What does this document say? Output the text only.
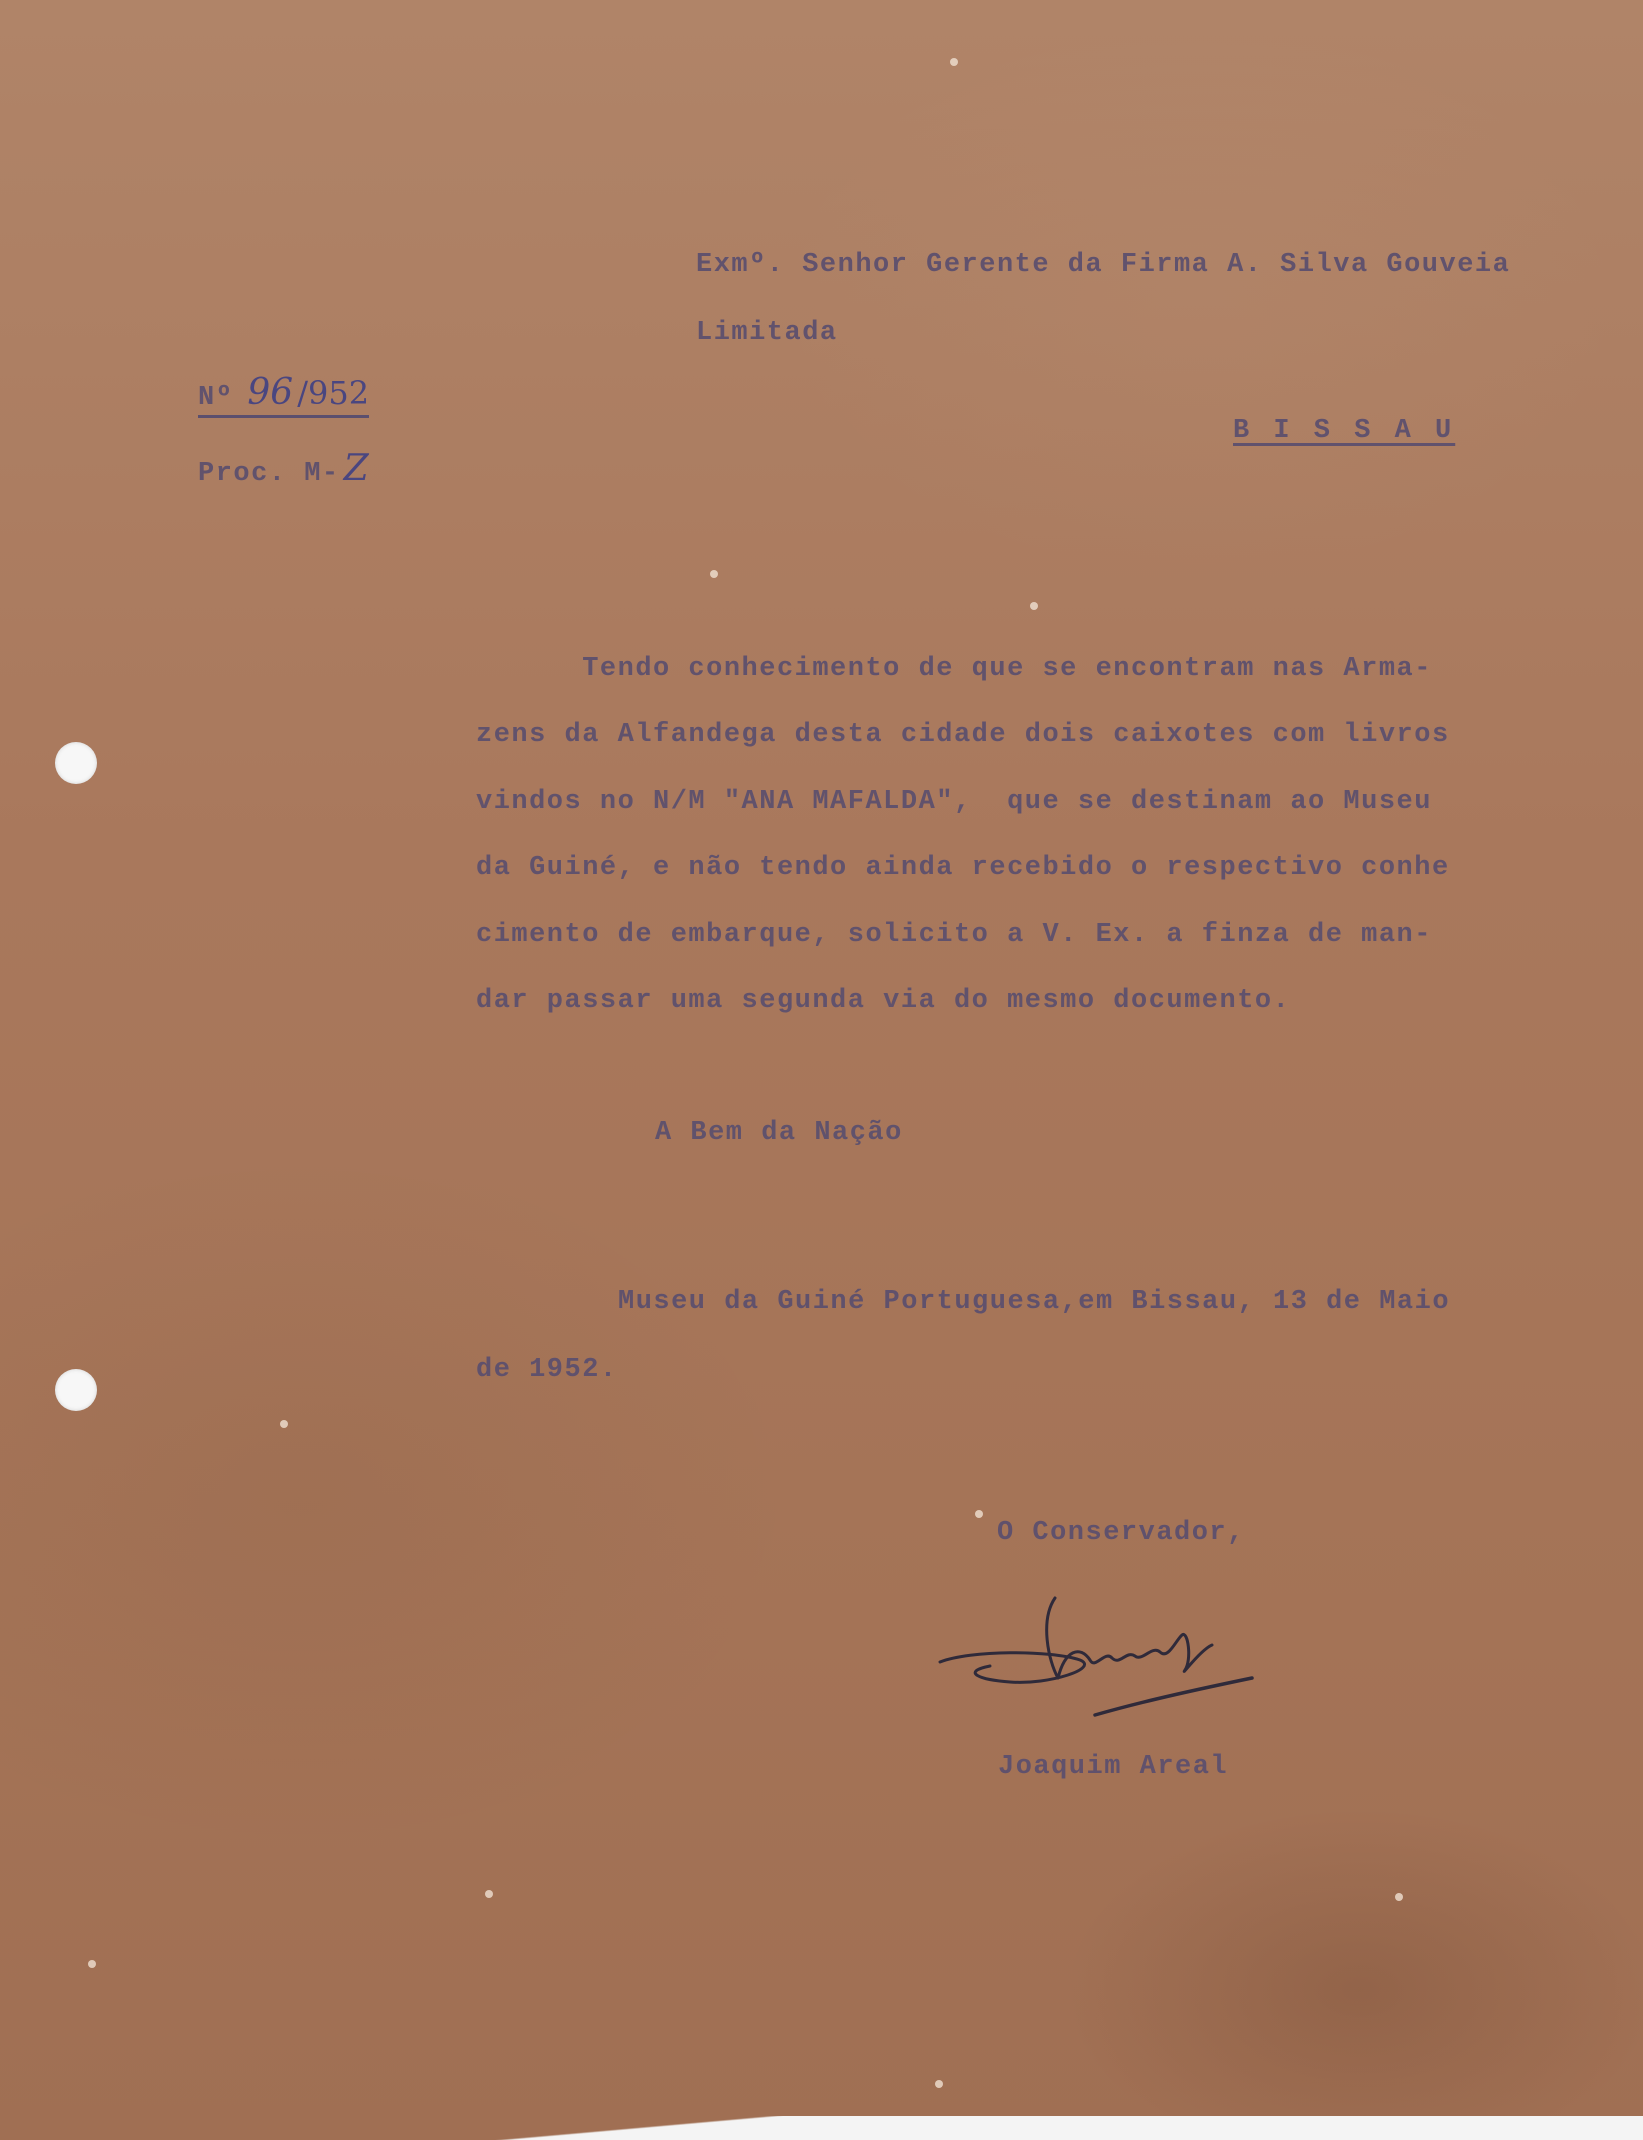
Exmº. Senhor Gerente da Firma A. Silva Gouveia
Limitada
B I S S A U
Nº 96 /952
Proc. M- Z
Tendo conhecimento de que se encontram nas Arma-
zens da Alfandega desta cidade dois caixotes com livros
vindos no N/M "ANA MAFALDA",  que se destinam ao Museu
da Guiné, e não tendo ainda recebido o respectivo conhe
cimento de embarque, solicito a V. Ex. a finza de man-
dar passar uma segunda via do mesmo documento.
A Bem da Nação
Museu da Guiné Portuguesa,em Bissau, 13 de Maio
de 1952.
O Conservador,
Joaquim Areal
